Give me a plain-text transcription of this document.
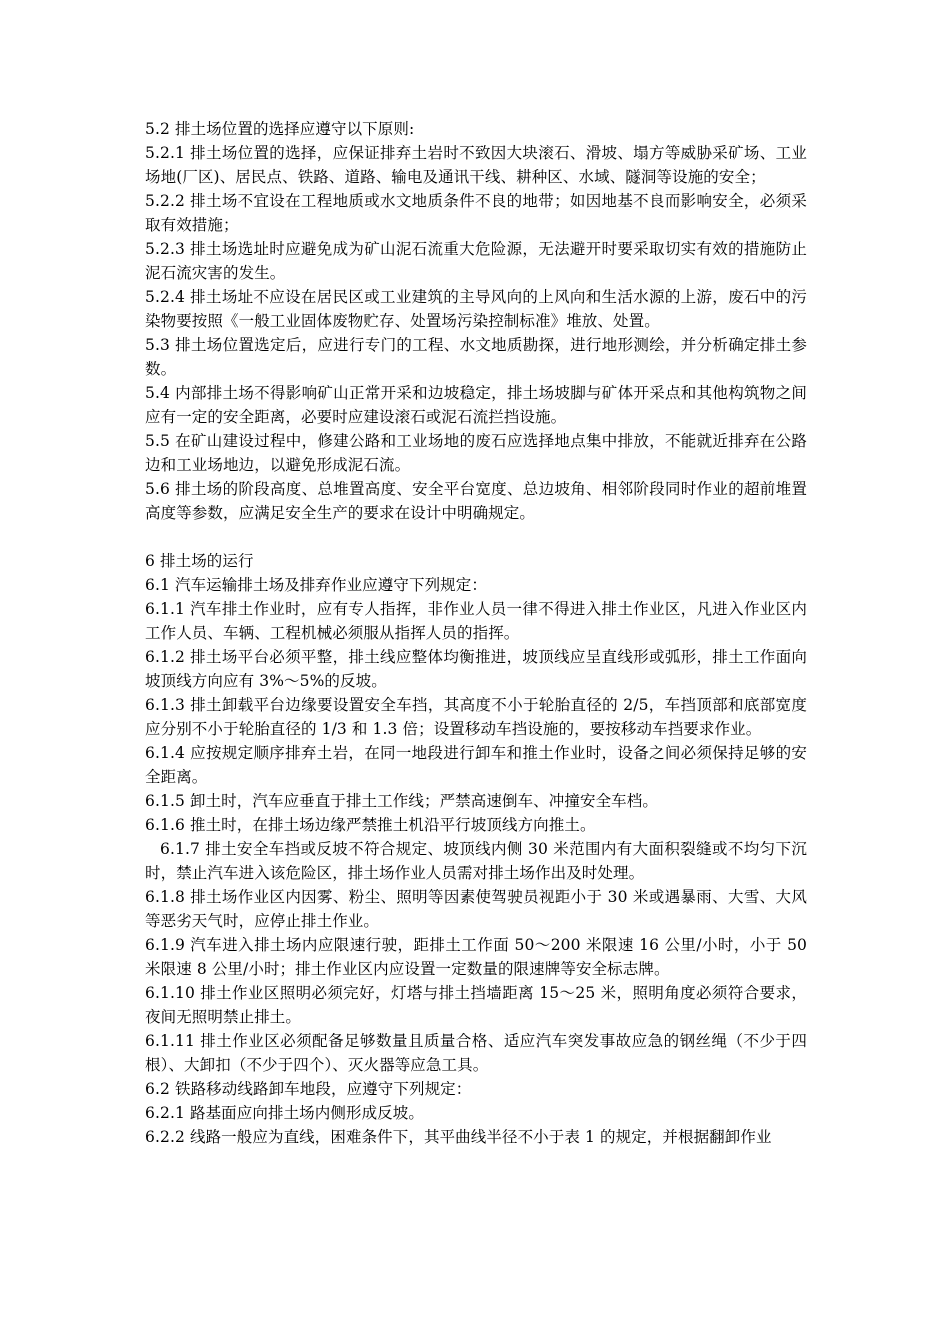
5.2 排土场位置的选择应遵守以下原则:

5.2.1 排土场位置的选择，应保证排弃土岩时不致因大块滚石、滑坡、塌方等威胁采矿场、工业场地(厂区)、居民点、铁路、道路、输电及通讯干线、耕种区、水域、隧洞等设施的安全；

5.2.2 排土场不宜设在工程地质或水文地质条件不良的地带；如因地基不良而影响安全，必须采取有效措施；

5.2.3 排土场选址时应避免成为矿山泥石流重大危险源，无法避开时要采取切实有效的措施防止泥石流灾害的发生。

5.2.4 排土场址不应设在居民区或工业建筑的主导风向的上风向和生活水源的上游，废石中的污染物要按照《一般工业固体废物贮存、处置场污染控制标准》堆放、处置。

5.3 排土场位置选定后，应进行专门的工程、水文地质勘探，进行地形测绘，并分析确定排土参数。

5.4 内部排土场不得影响矿山正常开采和边坡稳定，排土场坡脚与矿体开采点和其他构筑物之间应有一定的安全距离，必要时应建设滚石或泥石流拦挡设施。

5.5 在矿山建设过程中，修建公路和工业场地的废石应选择地点集中排放，不能就近排弃在公路边和工业场地边，以避免形成泥石流。

5.6 排土场的阶段高度、总堆置高度、安全平台宽度、总边坡角、相邻阶段同时作业的超前堆置高度等参数，应满足安全生产的要求在设计中明确规定。

6 排土场的运行

6.1 汽车运输排土场及排弃作业应遵守下列规定：

6.1.1 汽车排土作业时，应有专人指挥，非作业人员一律不得进入排土作业区，凡进入作业区内工作人员、车辆、工程机械必须服从指挥人员的指挥。

6.1.2 排土场平台必须平整，排土线应整体均衡推进，坡顶线应呈直线形或弧形，排土工作面向坡顶线方向应有 3%～5%的反坡。

6.1.3 排土卸载平台边缘要设置安全车挡，其高度不小于轮胎直径的 2/5，车挡顶部和底部宽度应分别不小于轮胎直径的 1/3 和 1.3 倍；设置移动车挡设施的，要按移动车挡要求作业。

6.1.4 应按规定顺序排弃土岩，在同一地段进行卸车和推土作业时，设备之间必须保持足够的安全距离。

6.1.5 卸土时，汽车应垂直于排土工作线；严禁高速倒车、冲撞安全车档。

6.1.6 推土时，在排土场边缘严禁推土机沿平行坡顶线方向推土。

6.1.7 排土安全车挡或反坡不符合规定、坡顶线内侧 30 米范围内有大面积裂缝或不均匀下沉时，禁止汽车进入该危险区，排土场作业人员需对排土场作出及时处理。

6.1.8 排土场作业区内因雾、粉尘、照明等因素使驾驶员视距小于 30 米或遇暴雨、大雪、大风等恶劣天气时，应停止排土作业。

6.1.9 汽车进入排土场内应限速行驶，距排土工作面 50～200 米限速 16 公里/小时，小于 50 米限速 8 公里/小时；排土作业区内应设置一定数量的限速牌等安全标志牌。

6.1.10 排土作业区照明必须完好，灯塔与排土挡墙距离 15～25 米，照明角度必须符合要求，夜间无照明禁止排土。

6.1.11 排土作业区必须配备足够数量且质量合格、适应汽车突发事故应急的钢丝绳（不少于四根）、大卸扣（不少于四个）、灭火器等应急工具。

6.2 铁路移动线路卸车地段，应遵守下列规定：

6.2.1 路基面应向排土场内侧形成反坡。

6.2.2 线路一般应为直线，困难条件下，其平曲线半径不小于表 1 的规定，并根据翻卸作业
